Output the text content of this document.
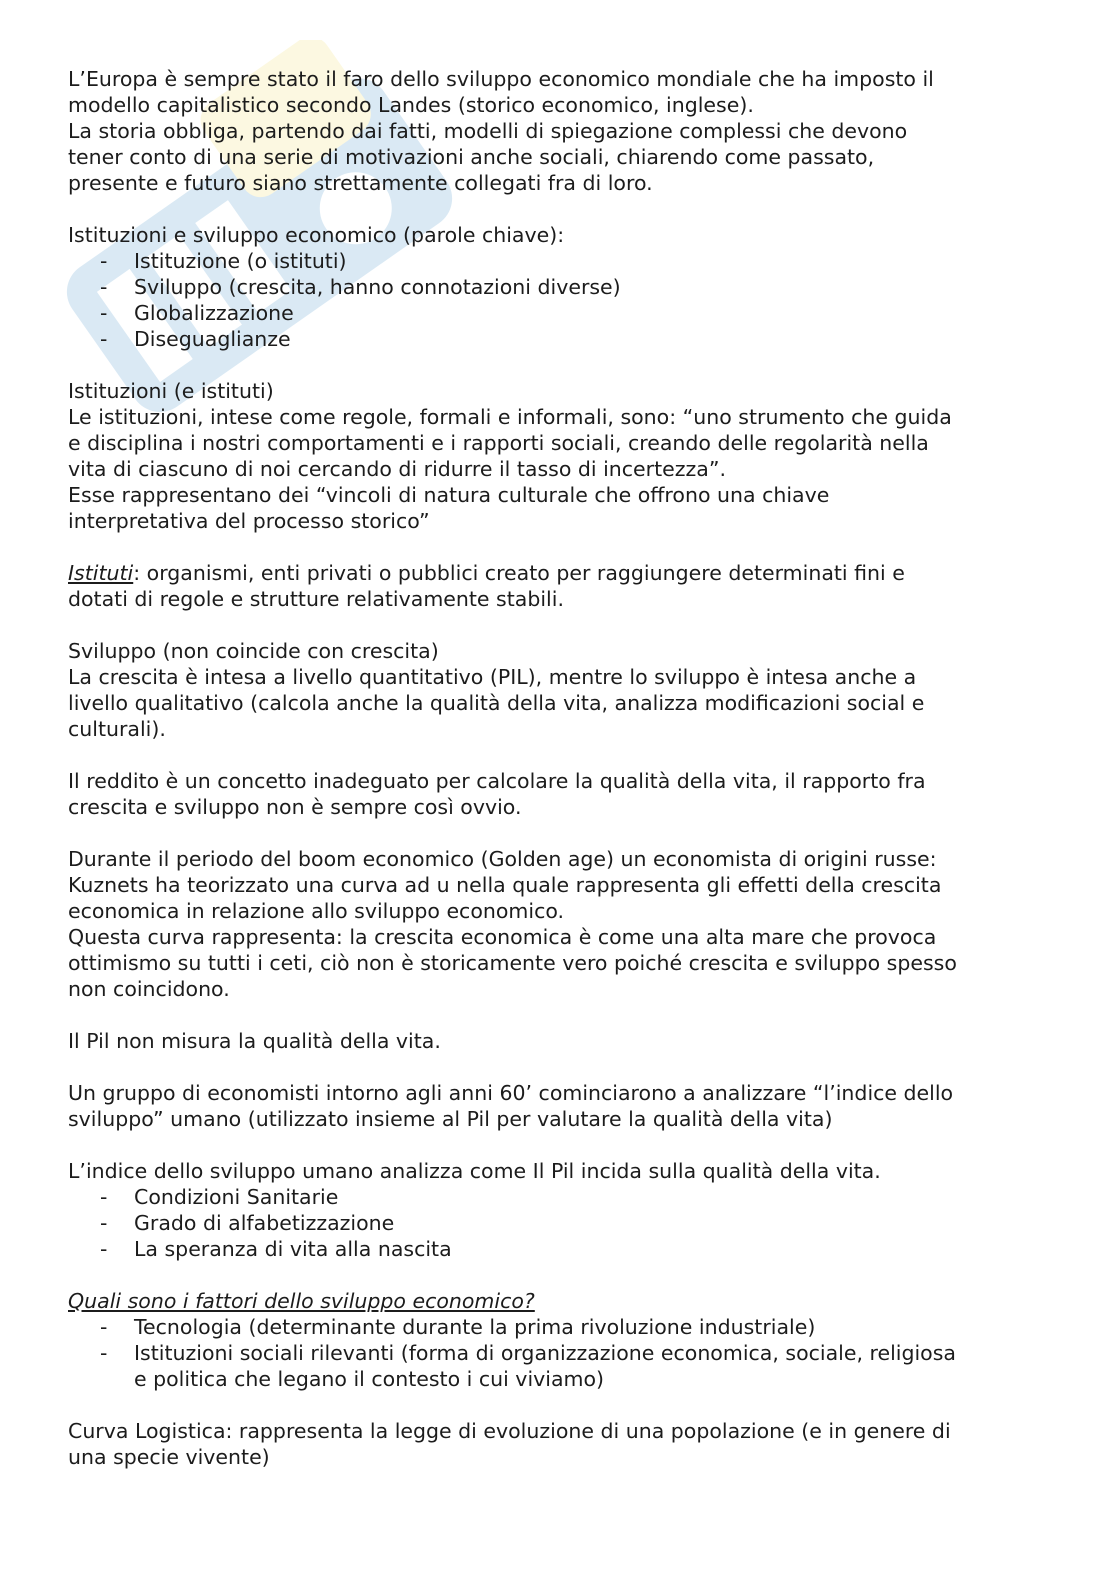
L’Europa è sempre stato il faro dello sviluppo economico mondiale che ha imposto il
modello capitalistico secondo Landes (storico economico, inglese).
La storia obbliga, partendo dai fatti, modelli di spiegazione complessi che devono
tener conto di una serie di motivazioni anche sociali, chiarendo come passato,
presente e futuro siano strettamente collegati fra di loro.
Istituzioni e sviluppo economico (parole chiave):
- Istituzione (o istituti)
- Sviluppo (crescita, hanno connotazioni diverse)
- Globalizzazione
- Diseguaglianze
Istituzioni (e istituti)
Le istituzioni, intese come regole, formali e informali, sono: “uno strumento che guida
e disciplina i nostri comportamenti e i rapporti sociali, creando delle regolarità nella
vita di ciascuno di noi cercando di ridurre il tasso di incertezza”.
Esse rappresentano dei “vincoli di natura culturale che offrono una chiave
interpretativa del processo storico”
Istituti: organismi, enti privati o pubblici creato per raggiungere determinati fini e
dotati di regole e strutture relativamente stabili.
Sviluppo (non coincide con crescita)
La crescita è intesa a livello quantitativo (PIL), mentre lo sviluppo è intesa anche a
livello qualitativo (calcola anche la qualità della vita, analizza modificazioni social e
culturali).
Il reddito è un concetto inadeguato per calcolare la qualità della vita, il rapporto fra
crescita e sviluppo non è sempre così ovvio.
Durante il periodo del boom economico (Golden age) un economista di origini russe:
Kuznets ha teorizzato una curva ad u nella quale rappresenta gli effetti della crescita
economica in relazione allo sviluppo economico.
Questa curva rappresenta: la crescita economica è come una alta mare che provoca
ottimismo su tutti i ceti, ciò non è storicamente vero poiché crescita e sviluppo spesso
non coincidono.
Il Pil non misura la qualità della vita.
Un gruppo di economisti intorno agli anni 60’ cominciarono a analizzare “l’indice dello
sviluppo” umano (utilizzato insieme al Pil per valutare la qualità della vita)
L’indice dello sviluppo umano analizza come Il Pil incida sulla qualità della vita.
- Condizioni Sanitarie
- Grado di alfabetizzazione
- La speranza di vita alla nascita
Quali sono i fattori dello sviluppo economico?
- Tecnologia (determinante durante la prima rivoluzione industriale)
- Istituzioni sociali rilevanti (forma di organizzazione economica, sociale, religiosa
e politica che legano il contesto i cui viviamo)
Curva Logistica: rappresenta la legge di evoluzione di una popolazione (e in genere di
una specie vivente)
